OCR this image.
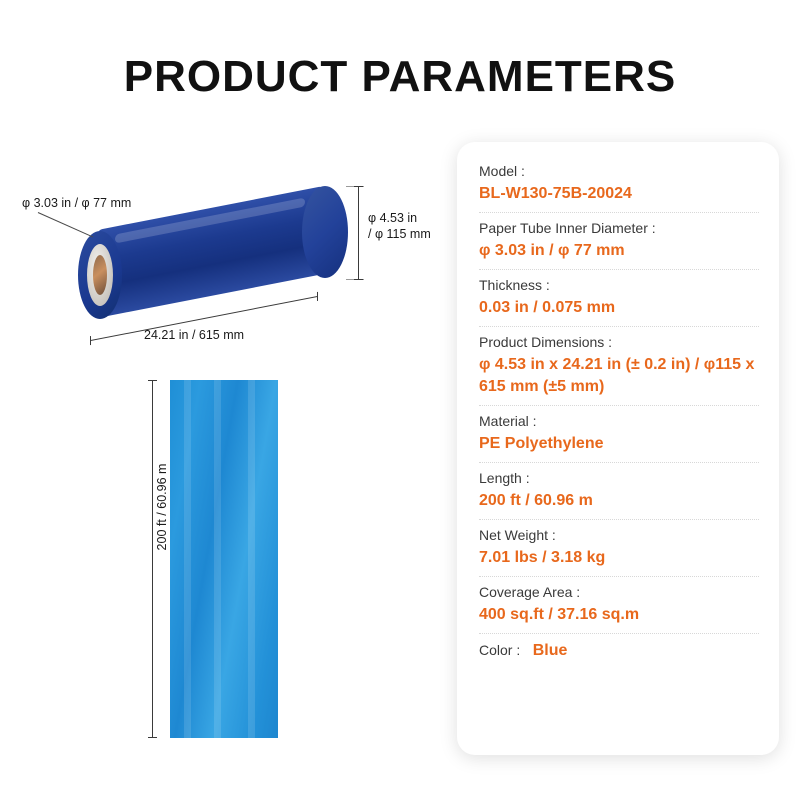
PRODUCT PARAMETERS
φ 3.03 in / φ 77 mm
φ 4.53 in
/ φ 115 mm
24.21 in / 615 mm
200 ft / 60.96 m
Model :
BL-W130-75B-20024
Paper Tube Inner Diameter :
φ 3.03 in / φ 77 mm
Thickness :
0.03 in / 0.075 mm
Product Dimensions :
φ 4.53 in x 24.21 in (± 0.2 in) / φ115 x 615 mm (±5 mm)
Material :
PE Polyethylene
Length :
200 ft / 60.96 m
Net Weight :
7.01 lbs / 3.18 kg
Coverage Area :
400 sq.ft / 37.16 sq.m
Color : Blue
